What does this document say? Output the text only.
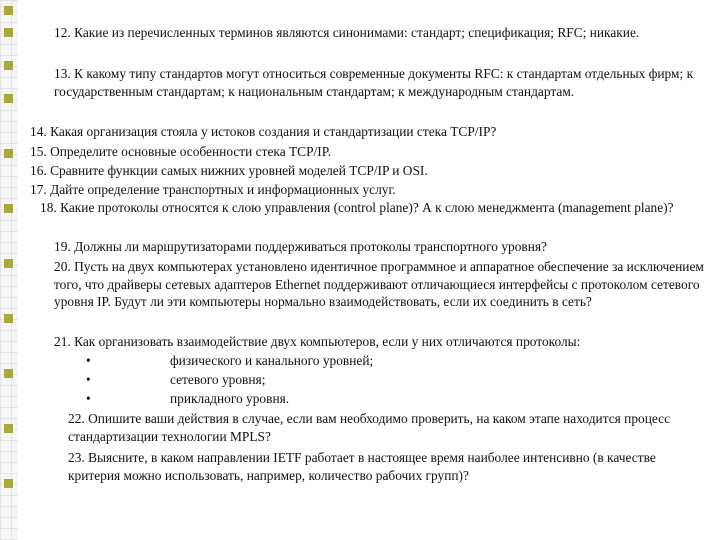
12. Какие из перечисленных терминов являются синонимами: стандарт; спецификация; RFC; никакие.
13. К какому типу стандартов могут относиться современные документы RFC: к стандартам отдельных фирм; к государственным стандартам; к национальным стандартам; к международным стандартам.
14. Какая организация стояла у истоков создания и стандартизации стека TCP/IP?
15. Определите основные особенности стека TCP/IP.
16. Сравните функции самых нижних уровней моделей TCP/IP и OSI.
17. Дайте определение транспортных и информационных услуг.
18. Какие протоколы относятся к слою управления (control plane)? А к слою менеджмента (management plane)?
19. Должны ли маршрутизаторами поддерживаться протоколы транспортного уровня?
20. Пусть на двух компьютерах установлено идентичное программное и аппаратное обеспечение за исключением того, что драйверы сетевых адаптеров Ethernet поддерживают отличающиеся интерфейсы с протоколом сетевого уровня IP. Будут ли эти компьютеры нормально взаимодействовать, если их соединить в сеть?
21. Как организовать взаимодействие двух компьютеров, если у них отличаются протоколы:
•	физического и канального уровней;
•	сетевого уровня;
•	прикладного уровня.
22. Опишите ваши действия в случае, если вам необходимо проверить, на каком этапе находится процесс стандартизации технологии MPLS?
23. Выясните, в каком направлении IETF работает в настоящее время наиболее интенсивно (в качестве критерия можно использовать, например, количество рабочих групп)?
